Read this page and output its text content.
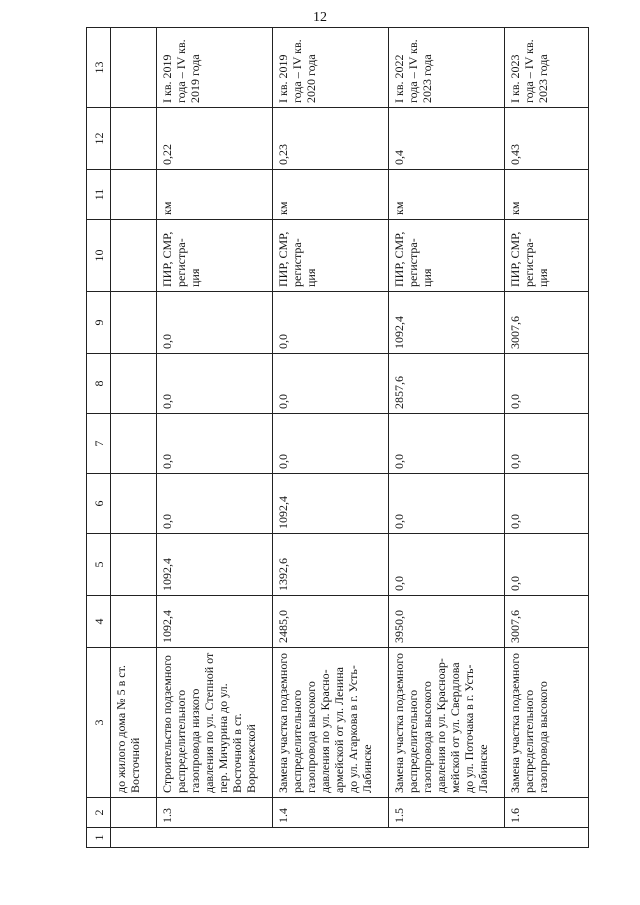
12
1	2	3	4	5	6	7	8	9	10	11	12	13

		до жилого дома № 5 в ст. Восточной										

	1.3	Строительство подземного распределительного газопровода низкого давления по ул. Степной от пер. Мичурина до ул. Восточной в ст. Воронежской	1092,4	1092,4	0,0	0,0	0,0	0,0	ПИР, СМР, регистра-ция	км	0,22	I кв. 2019 года – IV кв. 2019 года
	1.4	Замена участка подземного распределительного газопровода высокого давления по ул. Красно-армейской от ул. Ленина до ул. Агаркова в г. Усть-Лабинске	2485,0	1392,6	1092,4	0,0	0,0	0,0	ПИР, СМР, регистра-ция	км	0,23	I кв. 2019 года – IV кв. 2020 года
	1.5	Замена участка подземного распределительного газопровода высокого давления по ул. Красноар-мейской от ул. Свердлова до ул. Поточака в г. Усть-Лабинске	3950,0	0,0	0,0	0,0	2857,6	1092,4	ПИР, СМР, регистра-ция	км	0,4	I кв. 2022 года – IV кв. 2023 года
	1.6	Замена участка подземного распределительного газопровода высокого	3007,6	0,0	0,0	0,0	0,0	3007,6	ПИР, СМР, регистра-ция	км	0,43	I кв. 2023 года – IV кв. 2023 года
